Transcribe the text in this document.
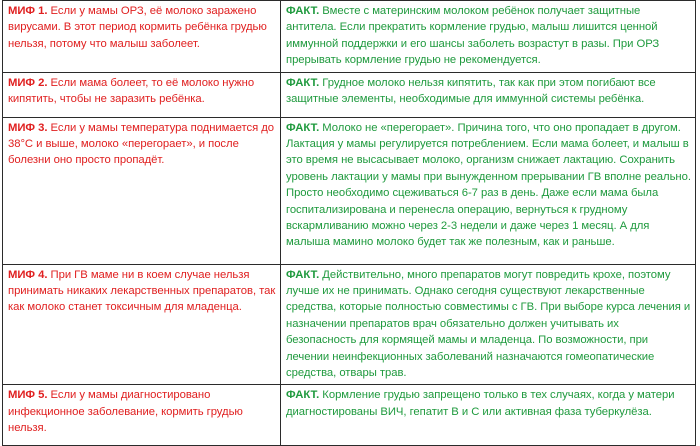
МИФ 1. Если у мамы ОРЗ, её молоко заражено вирусами. В этот период кормить ребёнка грудью нельзя, потому что малыш заболеет.	ФАКТ. Вместе с материнским молоком ребёнок получает защитные антитела. Если прекратить кормление грудью, малыш лишится ценной иммунной поддержки и его шансы заболеть возрастут в разы. При ОРЗ прерывать кормление грудью не рекомендуется.
МИФ 2. Если мама болеет, то её молоко нужно кипятить, чтобы не заразить ребёнка.	ФАКТ. Грудное молоко нельзя кипятить, так как при этом погибают все защитные элементы, необходимые для иммунной системы ребёнка.
МИФ 3. Если у мамы температура поднимается до 38°С и выше, молоко «перегорает», и после болезни оно просто пропадёт.	ФАКТ. Молоко не «перегорает». Причина того, что оно пропадает в другом. Лактация у мамы регулируется потреблением. Если мама болеет, и малыш в это время не высасывает молоко, организм снижает лактацию. Сохранить уровень лактации у мамы при вынужденном прерывании ГВ вполне реально. Просто необходимо сцеживаться 6-7 раз в день. Даже если мама была госпитализирована и перенесла операцию, вернуться к грудному вскармливанию можно через 2-3 недели и даже через 1 месяц. А для малыша мамино молоко будет так же полезным, как и раньше.
МИФ 4. При ГВ маме ни в коем случае нельзя принимать никаких лекарственных препаратов, так как молоко станет токсичным для младенца.	ФАКТ. Действительно, много препаратов могут повредить крохе, поэтому лучше их не принимать. Однако сегодня существуют лекарственные средства, которые полностью совместимы с ГВ. При выборе курса лечения и назначении препаратов врач обязательно должен учитывать их безопасность для кормящей мамы и младенца. По возможности, при лечении неинфекционных заболеваний назначаются гомеопатические средства, отвары трав.
МИФ 5. Если у мамы диагностировано инфекционное заболевание, кормить грудью нельзя.	ФАКТ. Кормление грудью запрещено только в тех случаях, когда у матери диагностированы ВИЧ, гепатит В и С или активная фаза туберкулёза.
